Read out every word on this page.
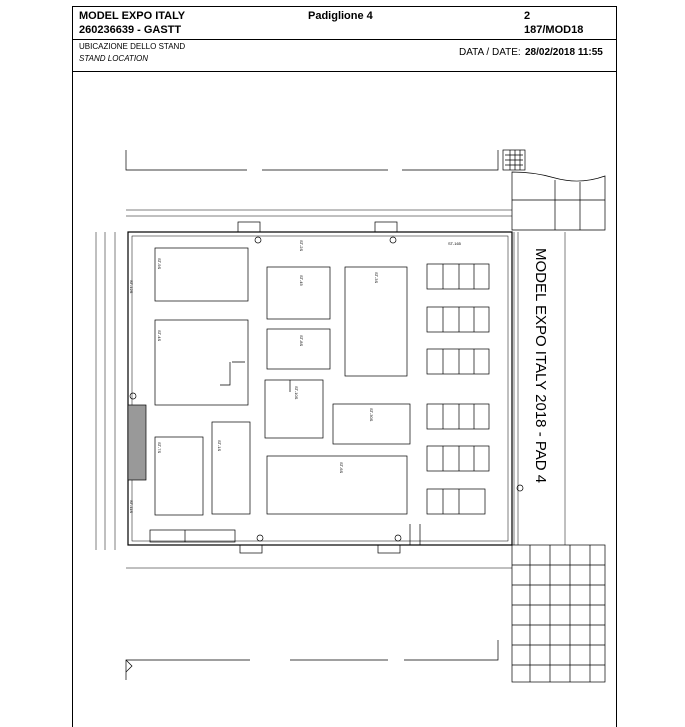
MODEL EXPO ITALY
260236639 - GASTT
Padiglione 4	2
187/MOD18
UBICAZIONE DELLO STAND
STAND LOCATION
DATA / DATE: 28/02/2018 11:55
ST-165
ST-45
ST-8S
ST-10S
ST-3S
ST-30S
ST-6S
ST-9S
ST-4S
ST-7S
ST-2S
ST-1S
ST-11S
ST-12S	MODEL EXPO ITALY 2018 - PAD 4
